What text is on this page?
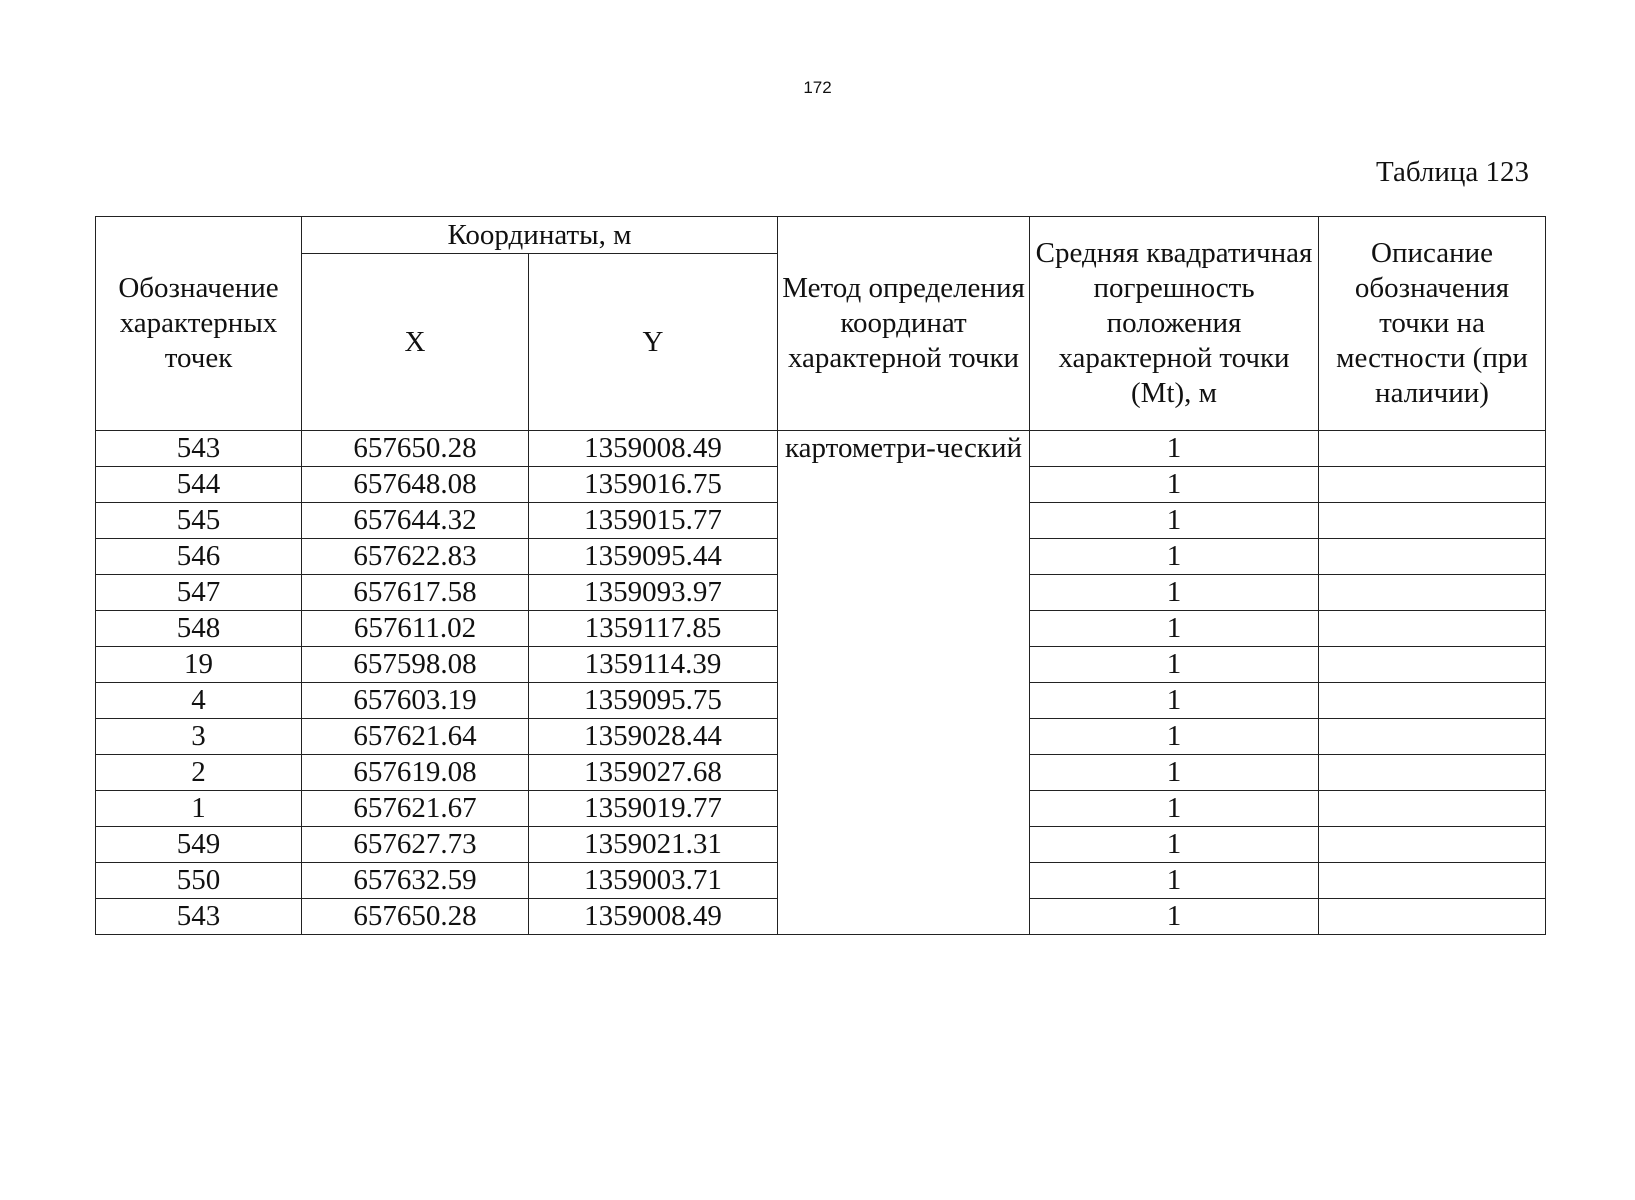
172
Таблица 123
Обозначение характерных точек	Координаты, м		Метод определения координат характерной точки	Средняя квадратичная погрешность положения характерной точки (Mt), м	Описание обозначения точки на местности (при наличии)
	X	Y			
543	657650.28	1359008.49	картометри-ческий	1	
544	657648.08	1359016.75		1	
545	657644.32	1359015.77		1	
546	657622.83	1359095.44		1	
547	657617.58	1359093.97		1	
548	657611.02	1359117.85		1	
19	657598.08	1359114.39		1	
4	657603.19	1359095.75		1	
3	657621.64	1359028.44		1	
2	657619.08	1359027.68		1	
1	657621.67	1359019.77		1	
549	657627.73	1359021.31		1	
550	657632.59	1359003.71		1	
543	657650.28	1359008.49		1	
